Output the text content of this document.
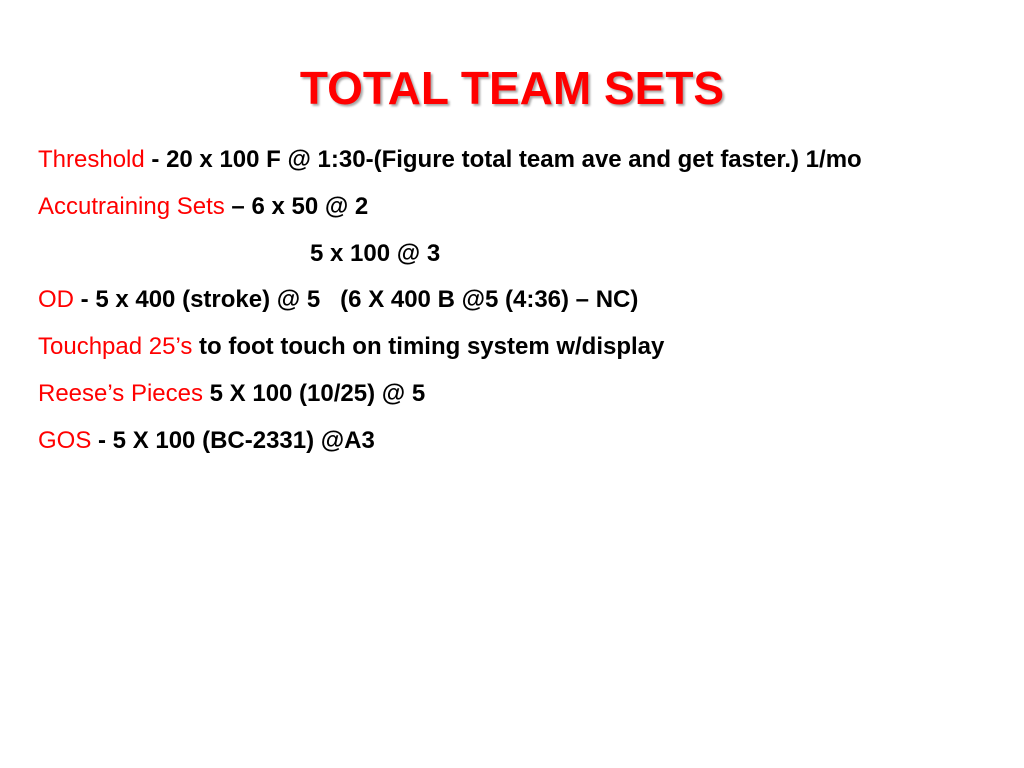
TOTAL TEAM SETS
Threshold - 20 x 100 F @ 1:30-(Figure total team ave and get faster.) 1/mo
Accutraining Sets – 6 x 50 @ 2
5 x 100 @ 3
OD - 5 x 400 (stroke) @ 5   (6 X 400 B @5 (4:36) – NC)
Touchpad 25’s to foot touch on timing system w/display
Reese’s Pieces 5 X 100 (10/25) @ 5
GOS - 5 X 100 (BC-2331) @A3
